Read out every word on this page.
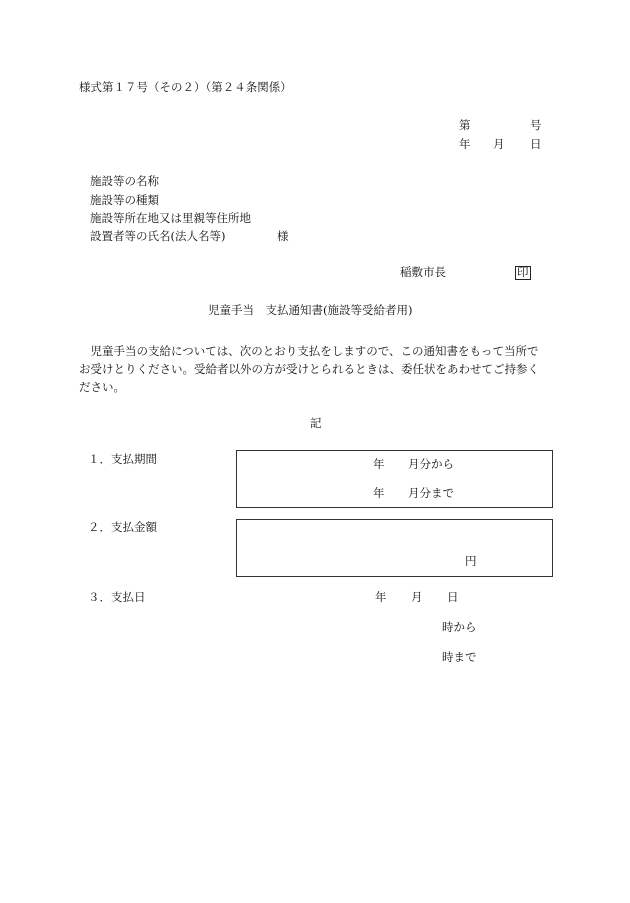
様式第１７号（その２）（第２４条関係）
第	号
年 月 日
施設等の名称
施設等の種類
施設等所在地又は里親等住所地
設置者等の氏名(法人名等)	様
稲敷市長	印
児童手当　支払通知書(施設等受給者用)
　児童手当の支給については、次のとおり支払をしますので、この通知書をもって当所で
お受けとりください。受給者以外の方が受けとられるときは、委任状をあわせてご持参く
ださい。
記
１．支払期間	年 月分から
年 月分まで
２．支払金額
円
３．支払日	年 月 日
時から
時まで
